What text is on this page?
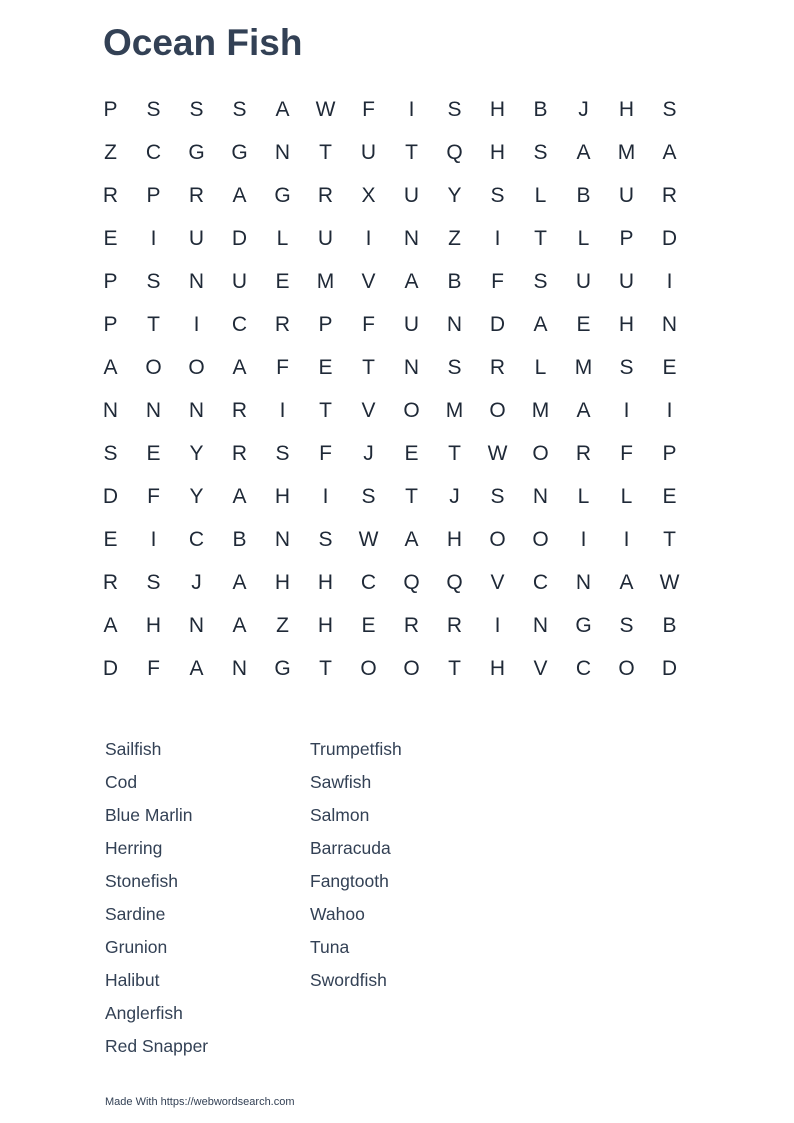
Ocean Fish
P	S	S	S	A	W	F	I	S	H	B	J	H	S
Z	C	G	G	N	T	U	T	Q	H	S	A	M	A
R	P	R	A	G	R	X	U	Y	S	L	B	U	R
E	I	U	D	L	U	I	N	Z	I	T	L	P	D
P	S	N	U	E	M	V	A	B	F	S	U	U	I
P	T	I	C	R	P	F	U	N	D	A	E	H	N
A	O	O	A	F	E	T	N	S	R	L	M	S	E
N	N	N	R	I	T	V	O	M	O	M	A	I	I
S	E	Y	R	S	F	J	E	T	W	O	R	F	P
D	F	Y	A	H	I	S	T	J	S	N	L	L	E
E	I	C	B	N	S	W	A	H	O	O	I	I	T
R	S	J	A	H	H	C	Q	Q	V	C	N	A	W
A	H	N	A	Z	H	E	R	R	I	N	G	S	B
D	F	A	N	G	T	O	O	T	H	V	C	O	D
Sailfish
Cod
Blue Marlin
Herring
Stonefish
Sardine
Grunion
Halibut
Anglerfish
Red Snapper
Trumpetfish
Sawfish
Salmon
Barracuda
Fangtooth
Wahoo
Tuna
Swordfish
Made With https://webwordsearch.com
